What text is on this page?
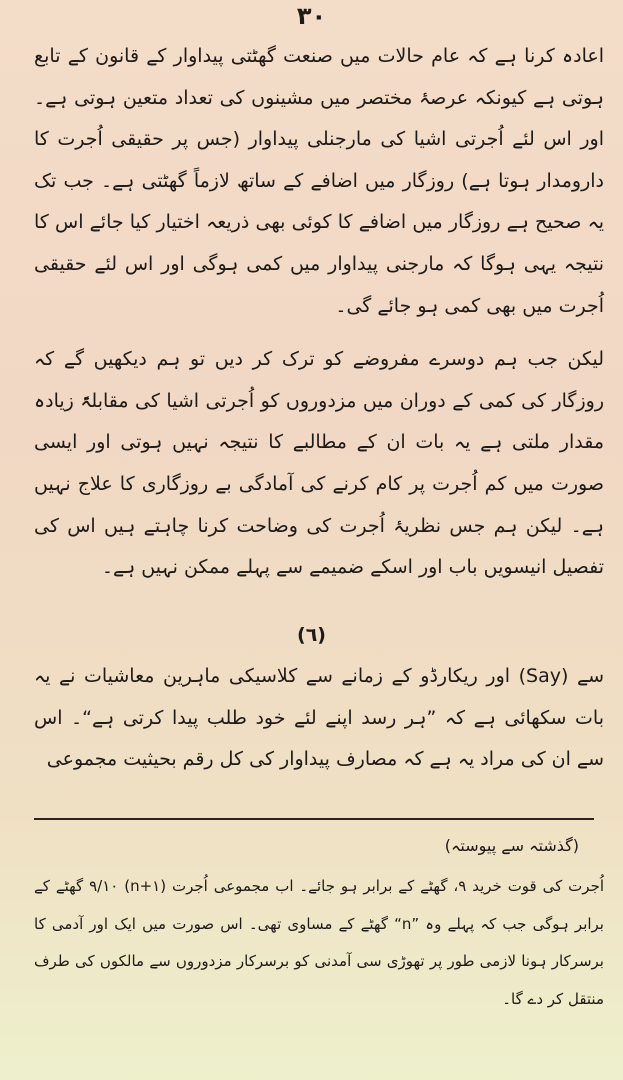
۳۰

اعادہ کرنا ہے کہ عام حالات میں صنعت گھٹتی پیداوار کے قانون کے تابع ہوتی ہے کیونکہ عرصۂ مختصر میں مشینوں کی تعداد متعین ہوتی ہے۔ اور اس لئے اُجرتی اشیا کی مارجنلی پیداوار (جس پر حقیقی اُجرت کا دارومدار ہوتا ہے) روزگار میں اضافے کے ساتھ لازماً گھٹتی ہے۔ جب تک یہ صحیح ہے روزگار میں اضافے کا کوئی بھی ذریعہ اختیار کیا جائے اس کا نتیجہ یہی ہوگا کہ مارجنی پیداوار میں کمی ہوگی اور اس لئے حقیقی اُجرت میں بھی کمی ہو جائے گی۔

لیکن جب ہم دوسرے مفروضے کو ترک کر دیں تو ہم دیکھیں گے کہ روزگار کی کمی کے دوران میں مزدوروں کو اُجرتی اشیا کی مقابلۃً زیادہ مقدار ملتی ہے یہ بات ان کے مطالبے کا نتیجہ نہیں ہوتی اور ایسی صورت میں کم اُجرت پر کام کرنے کی آمادگی بے روزگاری کا علاج نہیں ہے۔ لیکن ہم جس نظریۂ اُجرت کی وضاحت کرنا چاہتے ہیں اس کی تفصیل انیسویں باب اور اسکے ضمیمے سے پہلے ممکن نہیں ہے۔

(٦)

سے (Say) اور ریکارڈو کے زمانے سے کلاسیکی ماہرین معاشیات نے یہ بات سکھائی ہے کہ ”ہر رسد اپنے لئے خود طلب پیدا کرتی ہے“۔ اس سے ان کی مراد یہ ہے کہ مصارف پیداوار کی کل رقم بحیثیت مجموعی

(گذشتہ سے پیوستہ)

اُجرت کی قوت خرید ۹، گھٹے کے برابر ہو جائے۔ اب مجموعی اُجرت (n+۱) ۹/۱۰ گھٹے کے برابر ہوگی جب کہ پہلے وہ ”n“ گھٹے کے مساوی تھی۔ اس صورت میں ایک اور آدمی کا برسرکار ہونا لازمی طور پر تھوڑی سی آمدنی کو برسرکار مزدوروں سے مالکوں کی طرف منتقل کر دے گا۔
